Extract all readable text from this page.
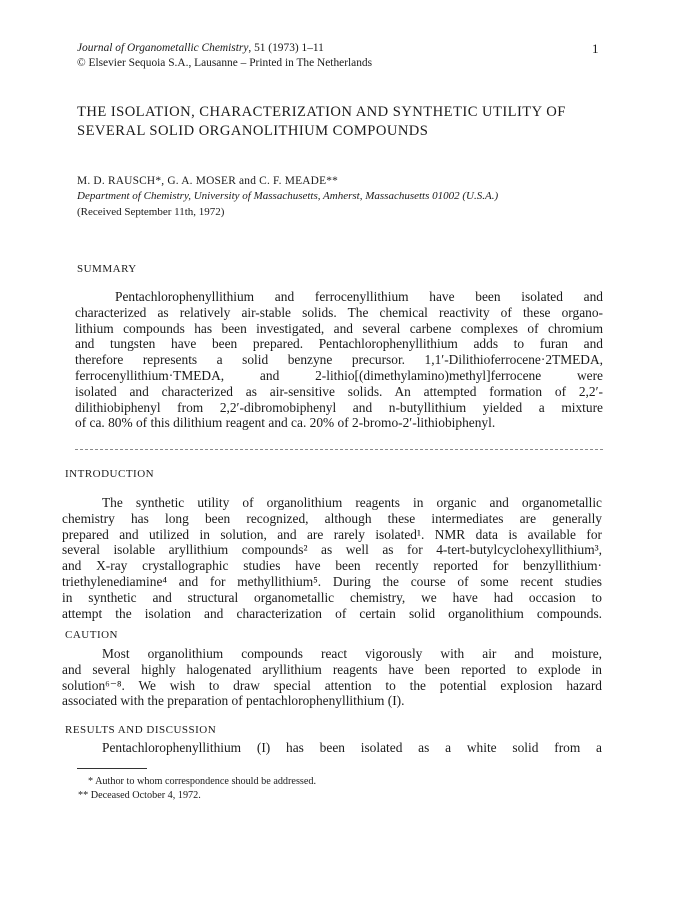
Journal of Organometallic Chemistry, 51 (1973) 1–11
© Elsevier Sequoia S.A., Lausanne – Printed in The Netherlands
1
THE ISOLATION, CHARACTERIZATION AND SYNTHETIC UTILITY OF
SEVERAL SOLID ORGANOLITHIUM COMPOUNDS
M. D. RAUSCH*, G. A. MOSER and C. F. MEADE**
Department of Chemistry, University of Massachusetts, Amherst, Massachusetts 01002 (U.S.A.)
(Received September 11th, 1972)
SUMMARY
Pentachlorophenyllithium and ferrocenyllithium have been isolated and
characterized as relatively air-stable solids. The chemical reactivity of these organo-
lithium compounds has been investigated, and several carbene complexes of chromium
and tungsten have been prepared. Pentachlorophenyllithium adds to furan and
therefore represents a solid benzyne precursor. 1,1′-Dilithioferrocene·2TMEDA,
ferrocenyllithium·TMEDA, and 2-lithio[(dimethylamino)methyl]ferrocene were
isolated and characterized as air-sensitive solids. An attempted formation of 2,2′-
dilithiobiphenyl from 2,2′-dibromobiphenyl and n-butyllithium yielded a mixture
of ca. 80% of this dilithium reagent and ca. 20% of 2-bromo-2′-lithiobiphenyl.
INTRODUCTION
The synthetic utility of organolithium reagents in organic and organometallic
chemistry has long been recognized, although these intermediates are generally
prepared and utilized in solution, and are rarely isolated¹. NMR data is available for
several isolable aryllithium compounds² as well as for 4-tert-butylcyclohexyllithium³,
and X-ray crystallographic studies have been recently reported for benzyllithium·
triethylenediamine⁴ and for methyllithium⁵. During the course of some recent studies
in synthetic and structural organometallic chemistry, we have had occasion to
attempt the isolation and characterization of certain solid organolithium compounds.
CAUTION
Most organolithium compounds react vigorously with air and moisture,
and several highly halogenated aryllithium reagents have been reported to explode in
solution⁶⁻⁸. We wish to draw special attention to the potential explosion hazard
associated with the preparation of pentachlorophenyllithium (I).
RESULTS AND DISCUSSION
Pentachlorophenyllithium (I) has been isolated as a white solid from a
* Author to whom correspondence should be addressed.
** Deceased October 4, 1972.
